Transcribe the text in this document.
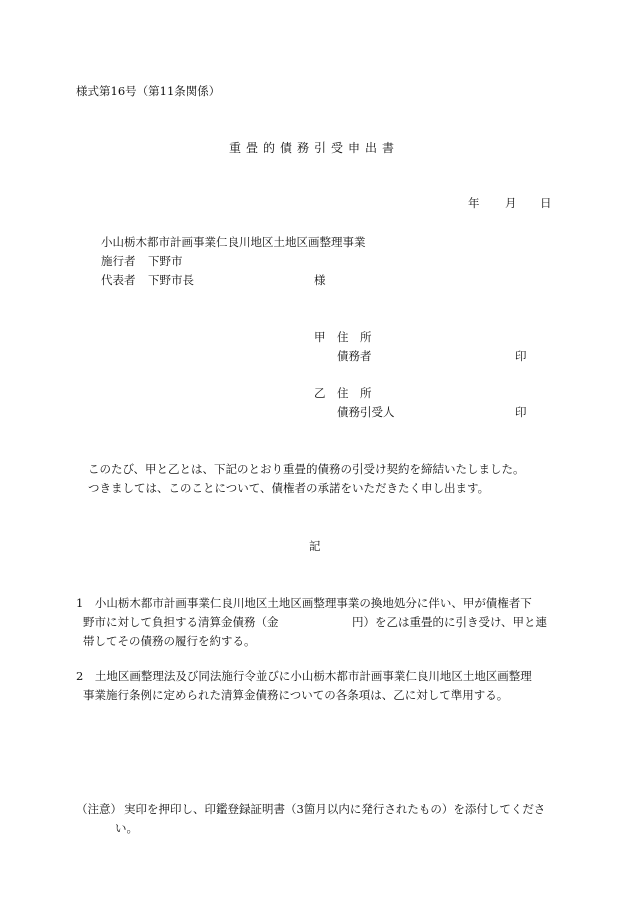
様式第16号（第11条関係）
重畳的債務引受申出書
年 月 日
小山栃木都市計画事業仁良川地区土地区画整理事業
施行者 下野市
代表者 下野市長	様
甲 住　所
債務者	印
乙 住　所
債務引受人	印
このたび、甲と乙とは、下記のとおり重畳的債務の引受け契約を締結いたしました。
つきましては、このことについて、債権者の承諾をいただきたく申し出ます。
記
1　小山栃木都市計画事業仁良川地区土地区画整理事業の換地処分に伴い、甲が債権者下
野市に対して負担する清算金債務（金	円）を乙は重畳的に引き受け、甲と連
帯してその債務の履行を約する。
2　土地区画整理法及び同法施行令並びに小山栃木都市計画事業仁良川地区土地区画整理
事業施行条例に定められた清算金債務についての各条項は、乙に対して準用する。
（注意） 実印を押印し、印鑑登録証明書（3箇月以内に発行されたもの）を添付してくださ
い。
